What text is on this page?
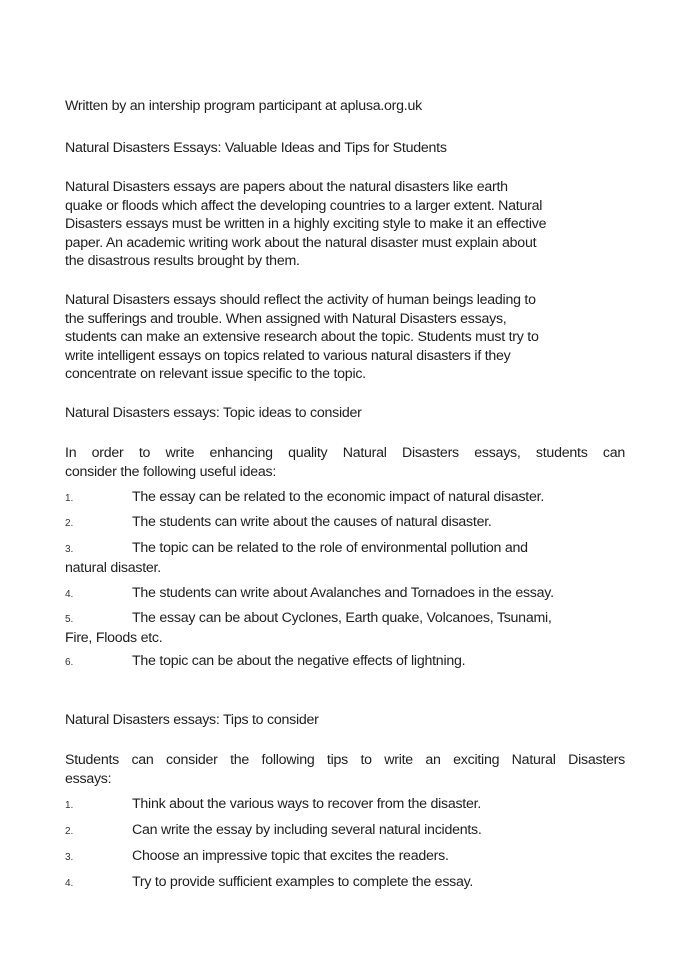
Written by an intership program participant at aplusa.org.uk
Natural Disasters Essays: Valuable Ideas and Tips for Students
Natural Disasters essays are papers about the natural disasters like earth
quake or floods which affect the developing countries to a larger extent. Natural
Disasters essays must be written in a highly exciting style to make it an effective
paper. An academic writing work about the natural disaster must explain about
the disastrous results brought by them.
Natural Disasters essays should reflect the activity of human beings leading to
the sufferings and trouble. When assigned with Natural Disasters essays,
students can make an extensive research about the topic. Students must try to
write intelligent essays on topics related to various natural disasters if they
concentrate on relevant issue specific to the topic.
Natural Disasters essays: Topic ideas to consider
In order to write enhancing quality Natural Disasters essays, students can
consider the following useful ideas:
1.	The essay can be related to the economic impact of natural disaster.
2.	The students can write about the causes of natural disaster.
3.	The topic can be related to the role of environmental pollution and
natural disaster.
4.	The students can write about Avalanches and Tornadoes in the essay.
5.	The essay can be about Cyclones, Earth quake, Volcanoes, Tsunami,
Fire, Floods etc.
6.	The topic can be about the negative effects of lightning.
Natural Disasters essays: Tips to consider
Students can consider the following tips to write an exciting Natural Disasters
essays:
1.	Think about the various ways to recover from the disaster.
2.	Can write the essay by including several natural incidents.
3.	Choose an impressive topic that excites the readers.
4.	Try to provide sufficient examples to complete the essay.
